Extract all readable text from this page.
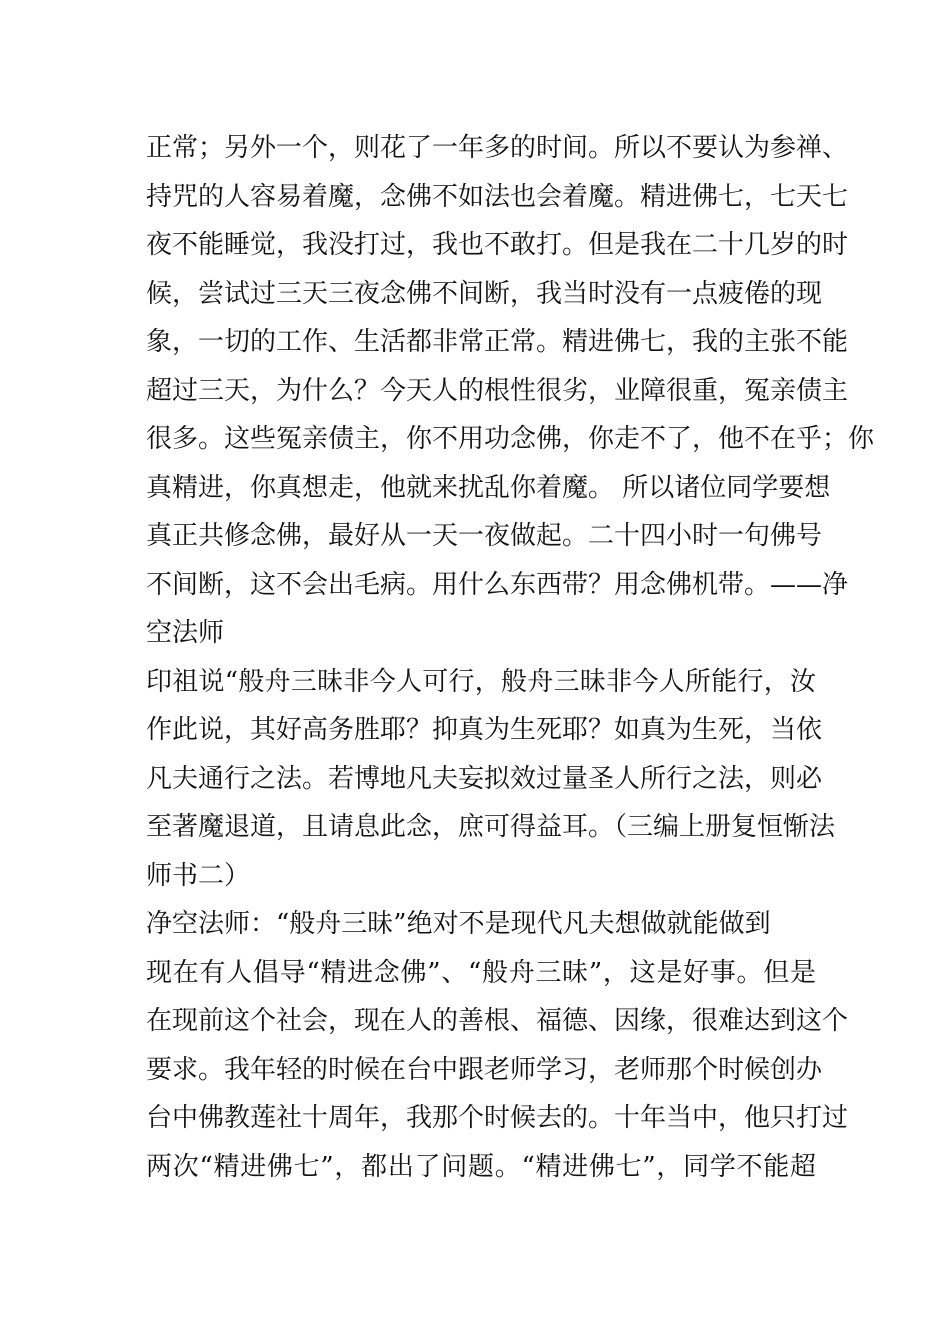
正常；另外一个，则花了一年多的时间。所以不要认为参禅、
持咒的人容易着魔，念佛不如法也会着魔。精进佛七，七天七
夜不能睡觉，我没打过，我也不敢打。但是我在二十几岁的时
候，尝试过三天三夜念佛不间断，我当时没有一点疲倦的现
象，一切的工作、生活都非常正常。精进佛七，我的主张不能
超过三天，为什么？今天人的根性很劣，业障很重，冤亲债主
很多。这些冤亲债主，你不用功念佛，你走不了，他不在乎；你
真精进，你真想走，他就来扰乱你着魔。 所以诸位同学要想
真正共修念佛，最好从一天一夜做起。二十四小时一句佛号
不间断，这不会出毛病。用什么东西带？用念佛机带。——净
空法师
印祖说“般舟三昧非今人可行，般舟三昧非今人所能行，汝
作此说，其好高务胜耶？抑真为生死耶？如真为生死，当依
凡夫通行之法。若博地凡夫妄拟效过量圣人所行之法，则必
至著魔退道，且请息此念，庶可得益耳。（三编上册复恒惭法
师书二）
净空法师：“般舟三昧”绝对不是现代凡夫想做就能做到
现在有人倡导“精进念佛”、“般舟三昧”，这是好事。但是
在现前这个社会，现在人的善根、福德、因缘，很难达到这个
要求。我年轻的时候在台中跟老师学习，老师那个时候创办
台中佛教莲社十周年，我那个时候去的。十年当中，他只打过
两次“精进佛七”，都出了问题。“精进佛七”，同学不能超
